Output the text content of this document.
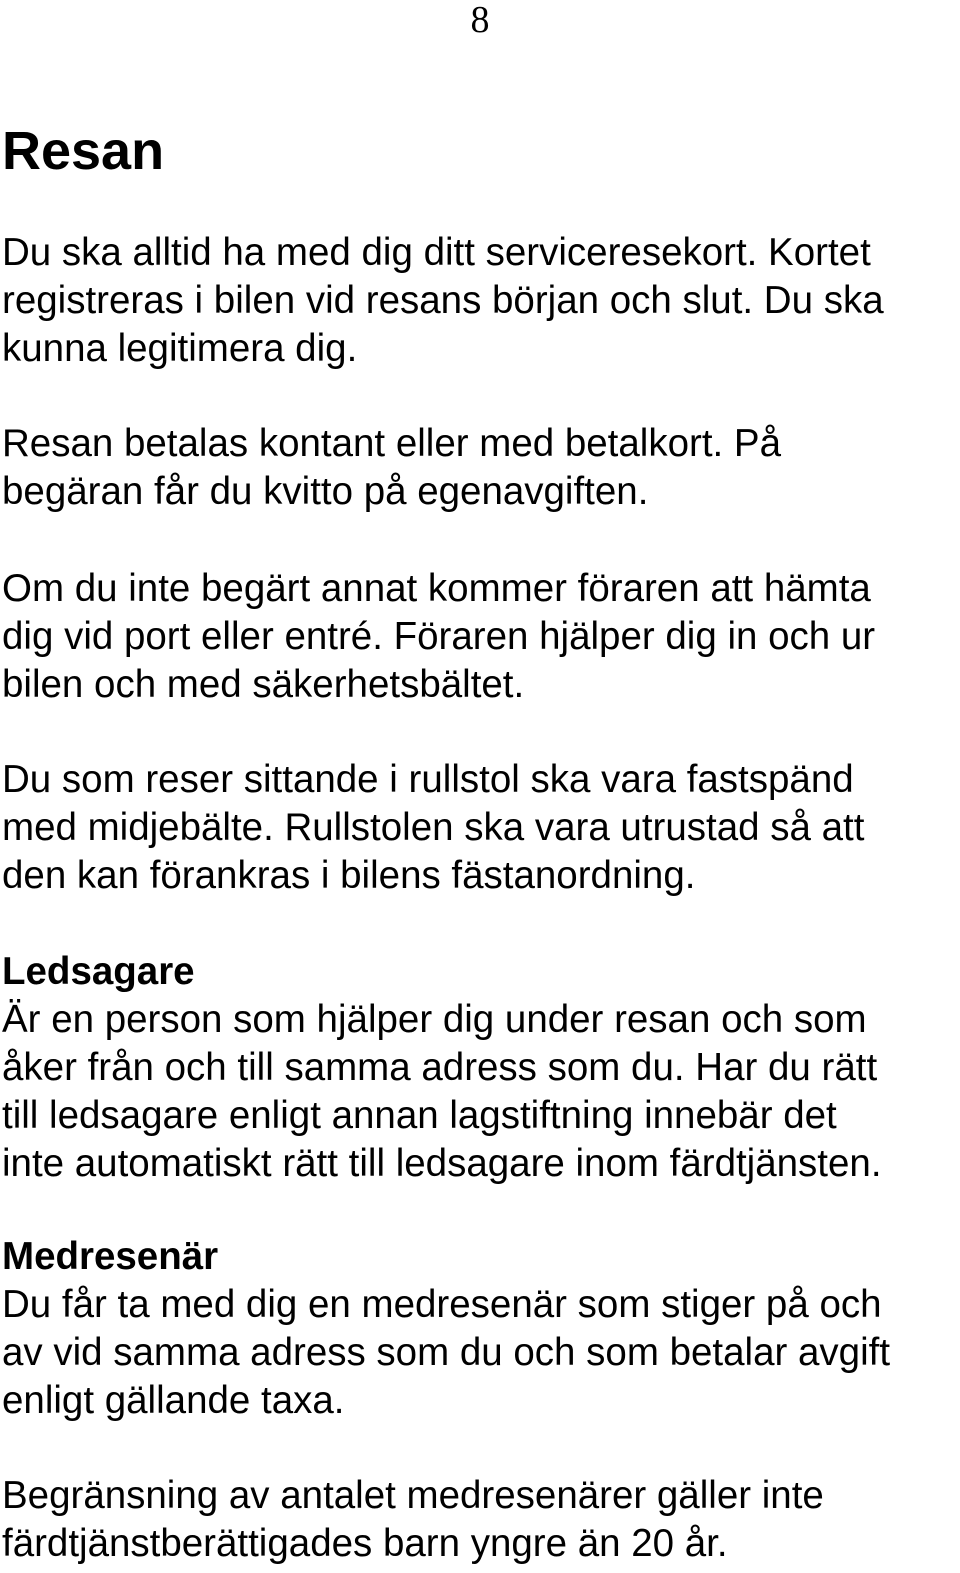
8
Resan

Du ska alltid ha med dig ditt serviceresekort. Kortet
registreras i bilen vid resans början och slut. Du ska
kunna legitimera dig.

Resan betalas kontant eller med betalkort. På
begäran får du kvitto på egenavgiften.

Om du inte begärt annat kommer föraren att hämta
dig vid port eller entré. Föraren hjälper dig in och ur
bilen och med säkerhetsbältet.

Du som reser sittande i rullstol ska vara fastspänd
med midjebälte. Rullstolen ska vara utrustad så att
den kan förankras i bilens fästanordning.

Ledsagare
Är en person som hjälper dig under resan och som
åker från och till samma adress som du. Har du rätt
till ledsagare enligt annan lagstiftning innebär det
inte automatiskt rätt till ledsagare inom färdtjänsten.
Medresenär
Du får ta med dig en medresenär som stiger på och
av vid samma adress som du och som betalar avgift
enligt gällande taxa.

Begränsning av antalet medresenärer gäller inte
färdtjänstberättigades barn yngre än 20 år.
